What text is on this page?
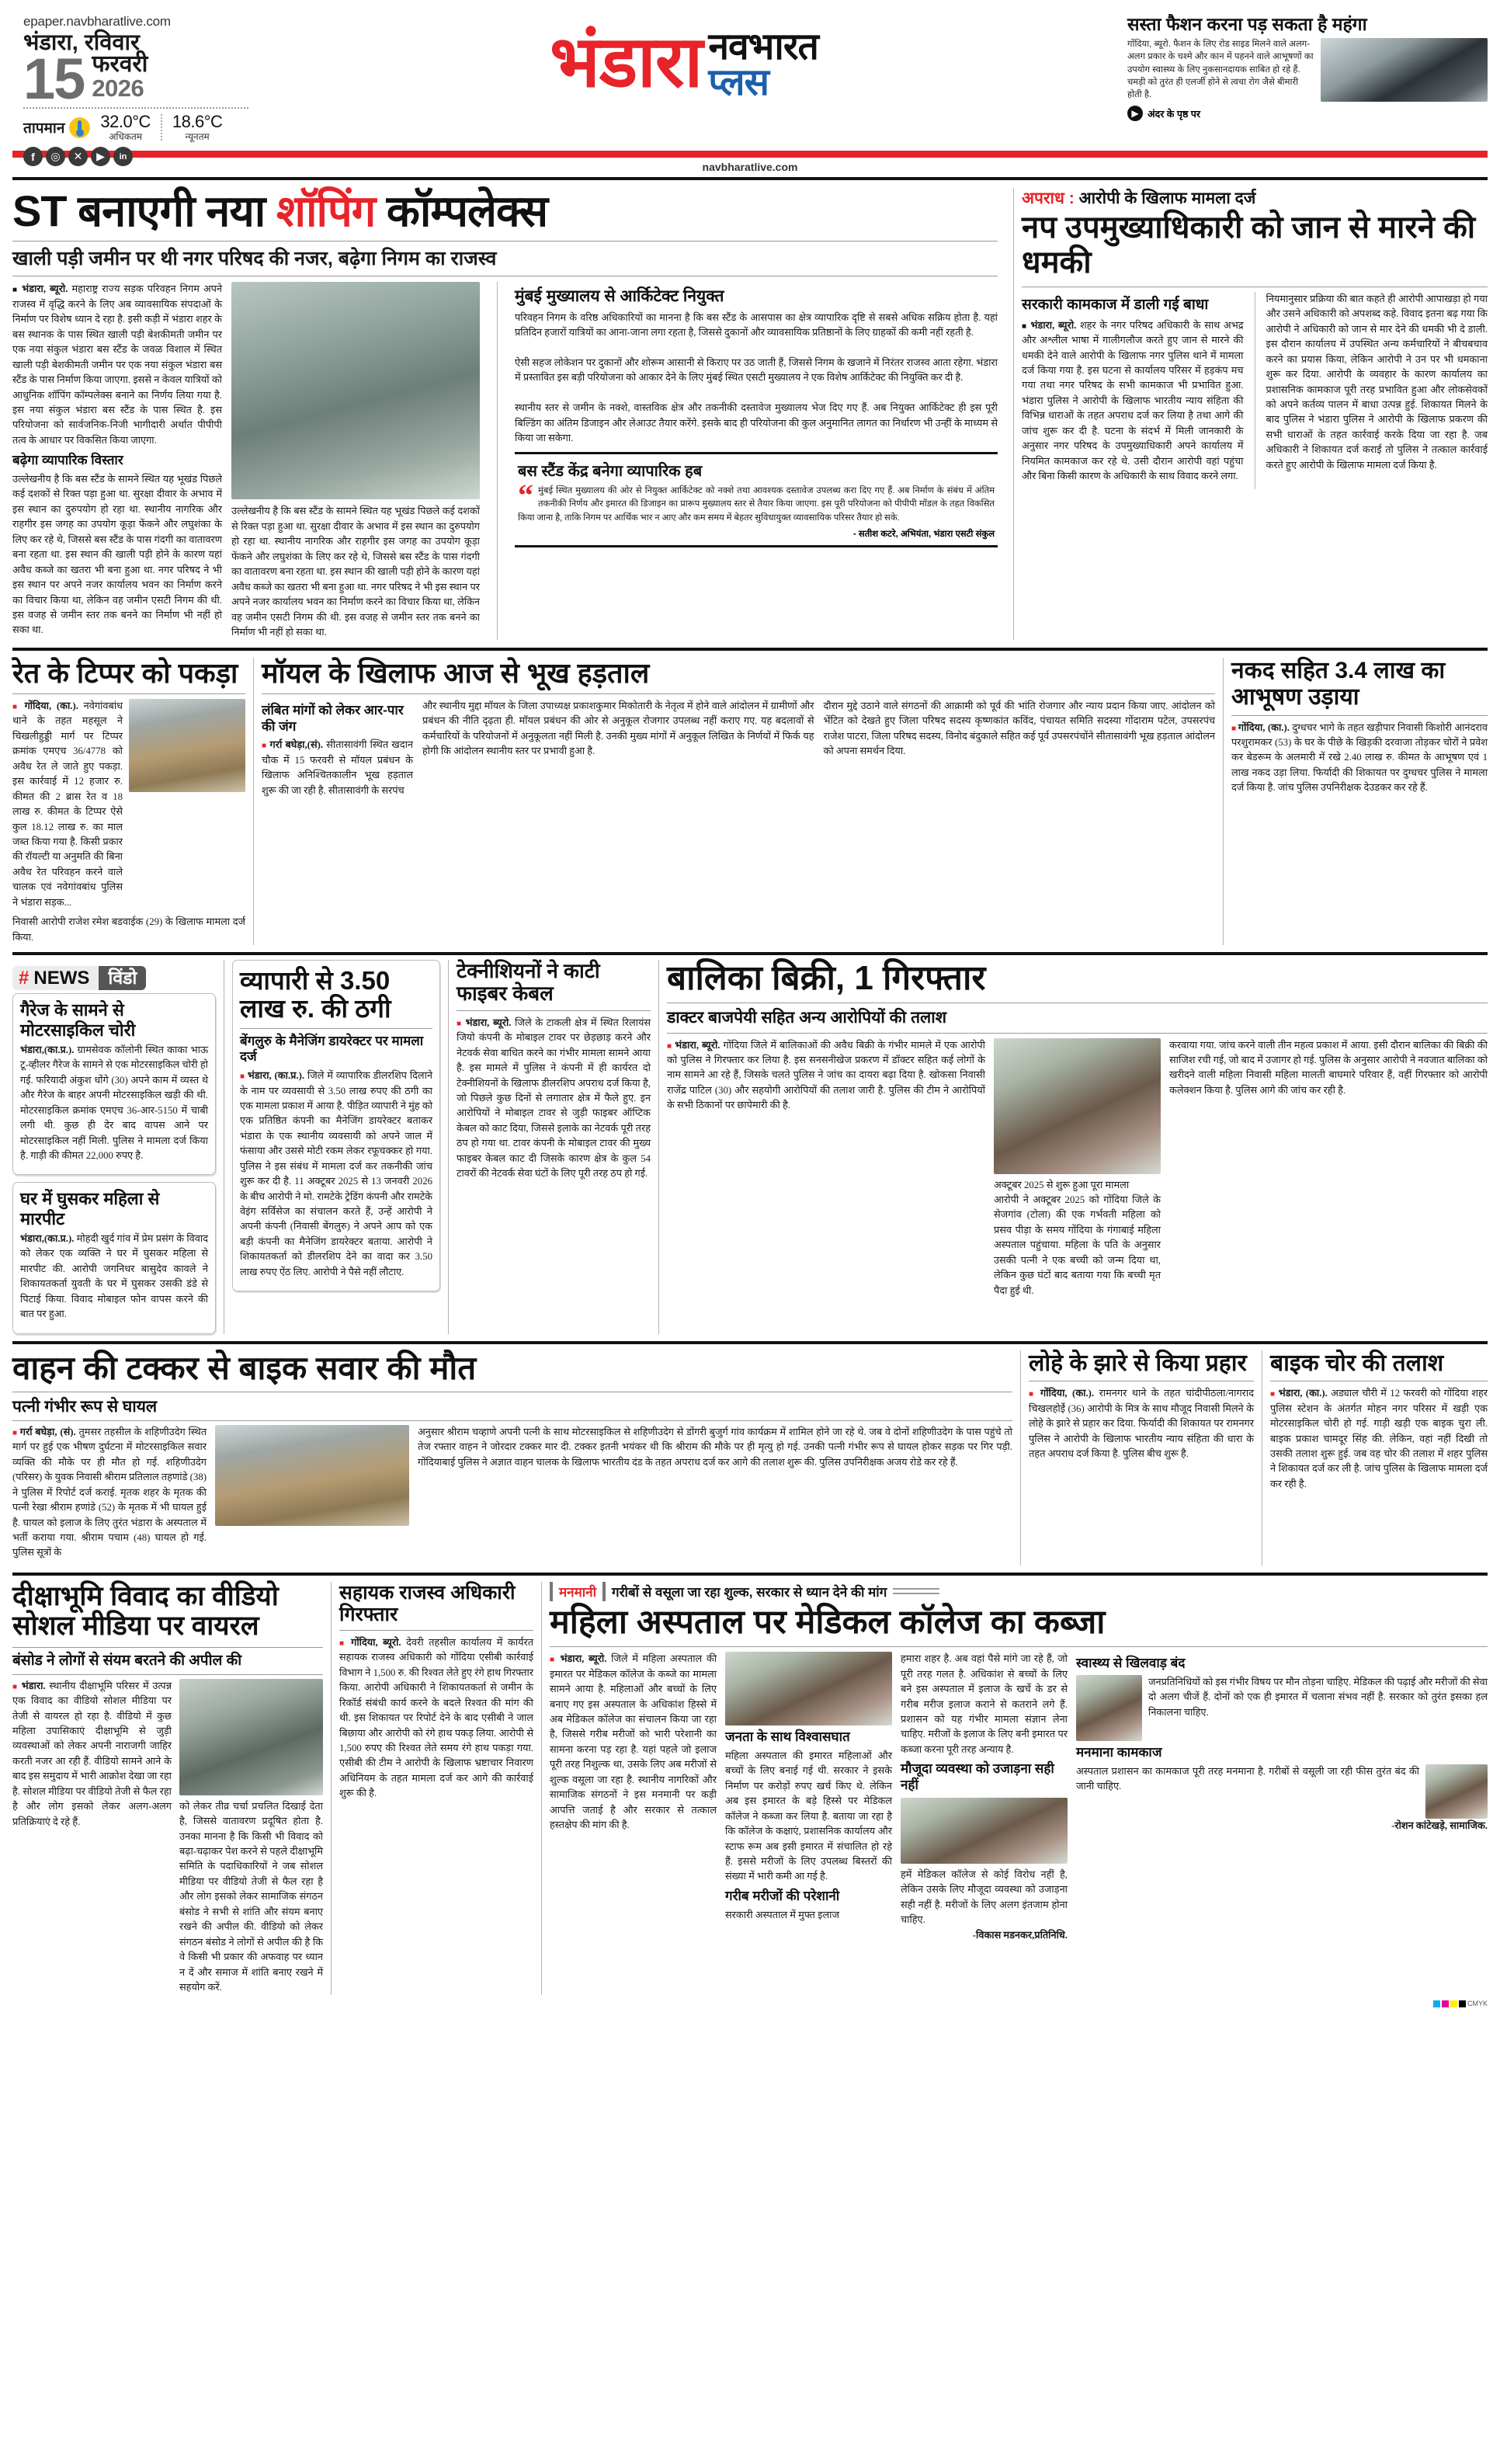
epaper.navbharatlive.com
भंडारा, रविवार
15 फरवरी
2026
तापमान 32.0°C
अधिकतम
18.6°C
न्यूनतम
f	◎	✕	▶	in
भंडारा नवभारत
प्लस
सस्ता फैशन करना पड़ सकता है महंगा
गोंदिया, ब्यूरो. फैशन के लिए रोड साइड मिलने वाले अलग-अलग प्रकार के चश्मे और कान में पहनने वाले आभूषणों का उपयोग स्वास्थ्य के लिए नुकसानदायक साबित हो रहे हैं. चमड़ी को तुरंत ही एलर्जी होने से त्वचा रोग जैसे बीमारी होती है.
▶ अंदर के पृष्ठ पर
navbharatlive.com
ST बनाएगी नया शॉपिंग कॉम्पलेक्स
खाली पड़ी जमीन पर थी नगर परिषद की नजर, बढ़ेगा निगम का राजस्व

■ भंडारा, ब्यूरो. महाराष्ट्र राज्य सड़क परिवहन निगम अपने राजस्व में वृद्धि करने के लिए अब व्यावसायिक संपदाओं के निर्माण पर विशेष ध्यान दे रहा है. इसी कड़ी में भंडारा शहर के बस स्थानक के पास स्थित खाली पड़ी बेशकीमती जमीन पर एक नया संकुल भंडारा बस स्टैंड के जवळ विशाल में स्थित खाली पड़ी बेशकीमती जमीन पर एक नया संकुल भंडारा बस स्टैंड के पास निर्माण किया जाएगा. इससे न केवल यात्रियों को आधुनिक शॉपिंग कॉम्पलेक्स बनाने का निर्णय लिया गया है. इस नया संकुल भंडारा बस स्टैंड के पास स्थित है. इस परियोजना को सार्वजनिक-निजी भागीदारी अर्थात पीपीपी तत्व के आधार पर विकसित किया जाएगा.

बढ़ेगा व्यापारिक विस्तार
उल्लेखनीय है कि बस स्टैंड के सामने स्थित यह भूखंड पिछले कई दशकों से रिक्त पड़ा हुआ था. सुरक्षा दीवार के अभाव में इस स्थान का दुरुपयोग हो रहा था. स्थानीय नागरिक और राहगीर इस जगह का उपयोग कूड़ा फेंकने और लघुशंका के लिए कर रहे थे, जिससे बस स्टैंड के पास गंदगी का वातावरण बना रहता था. इस स्थान की खाली पड़ी होने के कारण यहां अवैध कब्जे का खतरा भी बना हुआ था. नगर परिषद ने भी इस स्थान पर अपने नजर कार्यालय भवन का निर्माण करने का विचार किया था, लेकिन वह जमीन एसटी निगम की थी. इस वजह से जमीन स्तर तक बनने का निर्माण भी नहीं हो सका था.
उल्लेखनीय है कि बस स्टैंड के सामने स्थित यह भूखंड पिछले कई दशकों से रिक्त पड़ा हुआ था. सुरक्षा दीवार के अभाव में इस स्थान का दुरुपयोग हो रहा था. स्थानीय नागरिक और राहगीर इस जगह का उपयोग कूड़ा फेंकने और लघुशंका के लिए कर रहे थे, जिससे बस स्टैंड के पास गंदगी का वातावरण बना रहता था. इस स्थान की खाली पड़ी होने के कारण यहां अवैध कब्जे का खतरा भी बना हुआ था. नगर परिषद ने भी इस स्थान पर अपने नजर कार्यालय भवन का निर्माण करने का विचार किया था, लेकिन वह जमीन एसटी निगम की थी. इस वजह से जमीन स्तर तक बनने का निर्माण भी नहीं हो सका था.
मुंबई मुख्यालय से आर्किटेक्ट नियुक्त
परिवहन निगम के वरिष्ठ अधिकारियों का मानना है कि बस स्टैंड के आसपास का क्षेत्र व्यापारिक दृष्टि से सबसे अधिक सक्रिय होता है. यहां प्रतिदिन हजारों यात्रियों का आना-जाना लगा रहता है, जिससे दुकानों और व्यावसायिक प्रतिष्ठानों के लिए ग्राहकों की कमी नहीं रहती है.

ऐसी सहज लोकेशन पर दुकानों और शोरूम आसानी से किराए पर उठ जाती हैं, जिससे निगम के खजाने में निरंतर राजस्व आता रहेगा. भंडारा में प्रस्तावित इस बड़ी परियोजना को आकार देने के लिए मुंबई स्थित एसटी मुख्यालय ने एक विशेष आर्किटेक्ट की नियुक्ति कर दी है.

स्थानीय स्तर से जमीन के नक्शे, वास्तविक क्षेत्र और तकनीकी दस्तावेज मुख्यालय भेज दिए गए हैं. अब नियुक्त आर्किटेक्ट ही इस पूरी बिल्डिंग का अंतिम डिजाइन और लेआउट तैयार करेंगे. इसके बाद ही परियोजना की कुल अनुमानित लागत का निर्धारण भी उन्हीं के माध्यम से किया जा सकेगा.
बस स्टैंड केंद्र बनेगा व्यापारिक हब
“ मुंबई स्थित मुख्यालय की ओर से नियुक्त आर्किटेक्ट को नक्शे तथा आवश्यक दस्तावेज उपलब्ध करा दिए गए हैं. अब निर्माण के संबंध में अंतिम तकनीकी निर्णय और इमारत की डिजाइन का प्रारूप मुख्यालय स्तर से तैयार किया जाएगा. इस पूरी परियोजना को पीपीपी मॉडल के तहत विकसित किया जाना है, ताकि निगम पर आर्थिक भार न आए और कम समय में बेहतर सुविधायुक्त व्यावसायिक परिसर तैयार हो सके.
- सतीश कटरे, अभियंता, भंडारा एसटी संकुल
अपराध : आरोपी के खिलाफ मामला दर्ज
नप उपमुख्याधिकारी को जान से मारने की धमकी
सरकारी कामकाज में डाली गई बाधा

■ भंडारा, ब्यूरो. शहर के नगर परिषद अधिकारी के साथ अभद्र और अश्लील भाषा में गालीगलौज करते हुए जान से मारने की धमकी देने वाले आरोपी के खिलाफ नगर पुलिस थाने में मामला दर्ज किया गया है. इस घटना से कार्यालय परिसर में हड़कंप मच गया तथा नगर परिषद के सभी कामकाज भी प्रभावित हुआ. भंडारा पुलिस ने आरोपी के खिलाफ भारतीय न्याय संहिता की विभिन्न धाराओं के तहत अपराध दर्ज कर लिया है तथा आगे की जांच शुरू कर दी है. घटना के संदर्भ में मिली जानकारी के अनुसार नगर परिषद के उपमुख्याधिकारी अपने कार्यालय में नियमित कामकाज कर रहे थे. उसी दौरान आरोपी वहां पहुंचा और बिना किसी कारण के अधिकारी के साथ विवाद करने लगा.

नियमानुसार प्रक्रिया की बात कहते ही आरोपी आपाखड़ा हो गया और उसने अधिकारी को अपशब्द कहे. विवाद इतना बढ़ गया कि आरोपी ने अधिकारी को जान से मार देने की धमकी भी दे डाली. इस दौरान कार्यालय में उपस्थित अन्य कर्मचारियों ने बीचबचाव करने का प्रयास किया, लेकिन आरोपी ने उन पर भी धमकाना शुरू कर दिया. आरोपी के व्यवहार के कारण कार्यालय का प्रशासनिक कामकाज पूरी तरह प्रभावित हुआ और लोकसेवकों को अपने कर्तव्य पालन में बाधा उत्पन्न हुई. शिकायत मिलने के बाद पुलिस ने भंडारा पुलिस ने आरोपी के खिलाफ प्रकरण की सभी धाराओं के तहत कार्रवाई करके दिया जा रहा है. जब अधिकारी ने शिकायत दर्ज कराई तो पुलिस ने तत्काल कार्रवाई करते हुए आरोपी के खिलाफ मामला दर्ज किया है.
रेत के टिप्पर को पकड़ा

■ गोंदिया, (का.). नवेगांवबांध थाने के तहत महसूल ने चिखलीहुड्डी मार्ग पर टिप्पर क्रमांक एमएच 36/4778 को अवैध रेत ले जाते हुए पकड़ा. इस कार्रवाई में 12 हजार रु. कीमत की 2 ब्रास रेत व 18 लाख रु. कीमत के टिप्पर ऐसे कुल 18.12 लाख रु. का माल जब्त किया गया है. किसी प्रकार की रॉयल्टी या अनुमति की बिना अवैध रेत परिवहन करने वाले चालक एवं नवेगांवबांध पुलिस ने भंडारा सड़क...

निवासी आरोपी राजेश रमेश बडवाईक (29) के खिलाफ मामला दर्ज किया.
मॉयल के खिलाफ आज से भूख हड़ताल
लंबित मांगों को लेकर आर-पार की जंग

■ गर्रा बघेड़ा,(सं). सीतासावंगी स्थित खदान चौक में 15 फरवरी से मॉयल प्रबंधन के खिलाफ अनिश्चितकालीन भूख हड़ताल शुरू की जा रही है. सीतासावंगी के सरपंच

और स्थानीय मुद्दा मॉयल के जिला उपाध्यक्ष प्रकाशकुमार मिकोतारी के नेतृत्व में होने वाले आंदोलन में ग्रामीणों और प्रबंधन की नीति दृढ़ता ही. मॉयल प्रबंधन की ओर से अनुकूल रोजगार उपलब्ध नहीं कराए गए. यह बदलावों से कर्मचारियों के परियोजनों में अनुकूलता नहीं मिली है. उनकी मुख्य मांगों में अनुकूल लिखित के निर्णयों में फिर्क यह होगी कि आंदोलन स्थानीय स्तर पर प्रभावी हुआ है.
दौरान मुद्दे उठाने वाले संगठनों की आक्रामी को पूर्व की भांति रोजगार और न्याय प्रदान किया जाए. आंदोलन को भेंटित को देखते हुए जिला परिषद सदस्य कृष्णकांत कविंद, पंचायत समिति सदस्या गोंदाराम पटेल, उपसरपंच राजेश पाटरा, जिला परिषद सदस्य, विनोद बंदुकाले सहित कई पूर्व उपसरपंचोंने सीतासावंगी भूख हड़ताल आंदोलन को अपना समर्थन दिया.
नकद सहित 3.4 लाख का आभूषण उड़ाया

■ गोंदिया, (का.). दुग्धचर भागे के तहत खड़ीपार निवासी किशोरी आनंदराव परशुरामकर (53) के घर के पीछे के खिड़की दरवाजा तोड़कर चोरों ने प्रवेश कर बेडरूम के अलमारी में रखे 2.40 लाख रु. कीमत के आभूषण एवं 1 लाख नकद उड़ा लिया. फिर्यादी की शिकायत पर दुग्धचर पुलिस ने मामला दर्ज किया है. जांच पुलिस उपनिरीक्षक देउडकर कर रहे हैं.

# NEWS	विंडो
गैरेज के सामने से मोटरसाइकिल चोरी

भंडारा,(का.प्र.). ग्रामसेवक कॉलोनी स्थित काका भाऊ टू-व्हीलर गैरेज के सामने से एक मोटरसाइकिल चोरी हो गई. फरियादी अंकुश धोंगे (30) अपने काम में व्यस्त थे और गैरेज के बाहर अपनी मोटरसाइकिल खड़ी की थी. मोटरसाइकिल क्रमांक एमएच 36-आर-5150 में चाबी लगी थी. कुछ ही देर बाद वापस आने पर मोटरसाइकिल नहीं मिली. पुलिस ने मामला दर्ज किया है. गाड़ी की कीमत 22,000 रुपए है.

घर में घुसकर महिला से मारपीट

भंडारा,(का.प्र.). मोहदी खुर्द गांव में प्रेम प्रसंग के विवाद को लेकर एक व्यक्ति ने घर में घुसकर महिला से मारपीट की. आरोपी जगनिधर बासुदेव कावले ने शिकायतकर्ता युवती के घर में घुसकर उसकी डंडे से पिटाई किया. विवाद मोबाइल फोन वापस करने की बात पर हुआ.

व्यापारी से 3.50 लाख रु. की ठगी
बेंगलुरु के मैनेजिंग डायरेक्टर पर मामला दर्ज

■ भंडारा, (का.प्र.). जिले में व्यापारिक डीलरशिप दिलाने के नाम पर व्यवसायी से 3.50 लाख रुपए की ठगी का एक मामला प्रकाश में आया है. पीड़ित व्यापारी ने मुंह को एक प्रतिष्ठित कंपनी का मैनेजिंग डायरेक्टर बताकर भंडारा के एक स्थानीय व्यवसायी को अपने जाल में फंसाया और उससे मोटी रकम लेकर रफूचक्कर हो गया. पुलिस ने इस संबंध में मामला दर्ज कर तकनीकी जांच शुरू कर दी है. 11 अक्टूबर 2025 से 13 जनवरी 2026 के बीच आरोपी ने मो. रामटेके ट्रेडिंग कंपनी और रामटेके वेइंग सर्विसेज का संचालन करते हैं, उन्हें आरोपी ने अपनी कंपनी (निवासी बेंगलुरु) ने अपने आप को एक बड़ी कंपनी का मैनेजिंग डायरेक्टर बताया. आरोपी ने शिकायतकर्ता को डीलरशिप देने का वादा कर 3.50 लाख रुपए ऐंठ लिए. आरोपी ने पैसे नहीं लौटाए.

टेक्नीशियनों ने काटी फाइबर केबल

■ भंडारा, ब्यूरो. जिले के टाकली क्षेत्र में स्थित रिलायंस जियो कंपनी के मोबाइल टावर पर छेड़छाड़ करने और नेटवर्क सेवा बाधित करने का गंभीर मामला सामने आया है. इस मामले में पुलिस ने कंपनी में ही कार्यरत दो टेक्नीशियनों के खिलाफ डीलरशिप अपराध दर्ज किया है, जो पिछले कुछ दिनों से लगातार क्षेत्र में फैले हुए. इन आरोपियों ने मोबाइल टावर से जुड़ी फाइबर ऑप्टिक केबल को काट दिया, जिससे इलाके का नेटवर्क पूरी तरह ठप हो गया था. टावर कंपनी के मोबाइल टावर की मुख्य फाइबर केबल काट दी जिसके कारण क्षेत्र के कुल 54 टावरों की नेटवर्क सेवा घंटों के लिए पूरी तरह ठप हो गई.

बालिका बिक्री, 1 गिरफ्तार
डाक्टर बाजपेयी सहित अन्य आरोपियों की तलाश

■ भंडारा, ब्यूरो. गोंदिया जिले में बालिकाओं की अवैध बिक्री के गंभीर मामले में एक आरोपी को पुलिस ने गिरफ्तार कर लिया है. इस सनसनीखेज प्रकरण में डॉक्टर सहित कई लोगों के नाम सामने आ रहे हैं, जिसके चलते पुलिस ने जांच का दायरा बढ़ा दिया है. खोकसा निवासी राजेंद्र पाटिल (30) और सहयोगी आरोपियों की तलाश जारी है. पुलिस की टीम ने आरोपियों के सभी ठिकानों पर छापेमारी की है.

अक्टूबर 2025 से शुरू हुआ पूरा मामला
आरोपी ने अक्टूबर 2025 को गोंदिया जिले के सेजगांव (टोला) की एक गर्भवती महिला को प्रसव पीड़ा के समय गोंदिया के गंगाबाई महिला अस्पताल पहुंचाया. महिला के पति के अनुसार उसकी पत्नी ने एक बच्ची को जन्म दिया था, लेकिन कुछ घंटों बाद बताया गया कि बच्ची मृत पैदा हुई थी.
करवाया गया. जांच करने वाली तीन महत्व प्रकाश में आया. इसी दौरान बालिका की बिक्री की साजिश रची गई, जो बाद में उजागर हो गई. पुलिस के अनुसार आरोपी ने नवजात बालिका को खरीदने वाली महिला निवासी महिला मालती बाघमारे परिवार हैं, वहीं गिरफ्तार को आरोपी कलेक्शन किया है. पुलिस आगे की जांच कर रही है.
वाहन की टक्कर से बाइक सवार की मौत
पत्नी गंभीर रूप से घायल

■ गर्रा बघेड़ा, (सं). तुमसर तहसील के शहिणीउदेग स्थित मार्ग पर हुई एक भीषण दुर्घटना में मोटरसाइकिल सवार व्यक्ति की मौके पर ही मौत हो गई. शहिणीउदेग (परिसर) के युवक निवासी श्रीराम प्रतिलाल तहणांडे (38) ने पुलिस में रिपोर्ट दर्ज कराई. मृतक शहर के मृतक की पत्नी रेखा श्रीराम हणांडे (52) के मृतक में भी घायल हुई है. घायल को इलाज के लिए तुरंत भंडारा के अस्पताल में भर्ती कराया गया. श्रीराम पचाम (48) घायल हो गई. पुलिस सूत्रों के

अनुसार श्रीराम चव्हाणे अपनी पत्नी के साथ मोटरसाइकिल से शहिणीउदेग से डोंगरी बुजुर्ग गांव कार्यक्रम में शामिल होने जा रहे थे. जब वे दोनों शहिणीउदेग के पास पहुंचे तो तेज रफ्तार वाहन ने जोरदार टक्कर मार दी. टक्कर इतनी भयंकर थी कि श्रीराम की मौके पर ही मृत्यु हो गई. उनकी पत्नी गंभीर रूप से घायल होकर सड़क पर गिर पड़ी. गोंदियाबाई पुलिस ने अज्ञात वाहन चालक के खिलाफ भारतीय दंड के तहत अपराध दर्ज कर आगे की तलाश शुरू की. पुलिस उपनिरीक्षक अजय रोडे कर रहे हैं.
लोहे के झारे से किया प्रहार

■ गोंदिया, (का.). रामनगर थाने के तहत चांदीपीठला/नागराद चिखलहोईे (36) आरोपी के मित्र के साथ मौजूद निवासी मिलने के लोहे के झारे से प्रहार कर दिया. फिर्यादी की शिकायत पर रामनगर पुलिस ने आरोपी के खिलाफ भारतीय न्याय संहिता की धारा के तहत अपराध दर्ज किया है. पुलिस बीच शुरू है.

बाइक चोर की तलाश

■ भंडारा, (का.). अड्याल चौरी में 12 फरवरी को गोंदिया शहर पुलिस स्टेशन के अंतर्गत मोहन नगर परिसर में खड़ी एक मोटरसाइकिल चोरी हो गई. गाड़ी खड़ी एक बाइक चुरा ली. बाइक प्रकाश चामदूर सिंह की. लेकिन, वहां नहीं दिखी तो उसकी तलाश शुरू हुई. जब वह चोर की तलाश में शहर पुलिस ने शिकायत दर्ज कर ली है. जांच पुलिस के खिलाफ मामला दर्ज कर रही है.

दीक्षाभूमि विवाद का वीडियो सोशल मीडिया पर वायरल
बंसोड ने लोगों से संयम बरतने की अपील की

■ भंडारा. स्थानीय दीक्षाभूमि परिसर में उत्पन्न एक विवाद का वीडियो सोशल मीडिया पर तेजी से वायरल हो रहा है. वीडियो में कुछ महिला उपासिकाएं दीक्षाभूमि से जुड़ी व्यवस्थाओं को लेकर अपनी नाराजगी जाहिर करती नजर आ रही हैं. वीडियो सामने आने के बाद इस समुदाय में भारी आक्रोश देखा जा रहा है. सोशल मीडिया पर वीडियो तेजी से फैल रहा है और लोग इसको लेकर अलग-अलग प्रतिक्रियाएं दे रहे हैं.

को लेकर तीव्र चर्चा प्रचलित दिखाई देता है, जिससे वातावरण प्रदूषित होता है. उनका मानना है कि किसी भी विवाद को बढ़ा-चढ़ाकर पेश करने से पहले दीक्षाभूमि समिति के पदाधिकारियों ने जब सोशल मीडिया पर वीडियो तेजी से फैल रहा है और लोग इसको लेकर सामाजिक संगठन बंसोड ने सभी से शांति और संयम बनाए रखने की अपील की. वीडियो को लेकर संगठन बंसोड ने लोगों से अपील की है कि वे किसी भी प्रकार की अफवाह पर ध्यान न दें और समाज में शांति बनाए रखने में सहयोग करें.
सहायक राजस्व अधिकारी गिरफ्तार

■ गोंदिया, ब्यूरो. देवरी तहसील कार्यालय में कार्यरत सहायक राजस्व अधिकारी को गोंदिया एसीबी कार्रवाई विभाग ने 1,500 रु. की रिश्वत लेते हुए रंगे हाथ गिरफ्तार किया. आरोपी अधिकारी ने शिकायतकर्ता से जमीन के रिकॉर्ड संबंधी कार्य करने के बदले रिश्वत की मांग की थी. इस शिकायत पर रिपोर्ट देने के बाद एसीबी ने जाल बिछाया और आरोपी को रंगे हाथ पकड़ लिया. आरोपी से 1,500 रुपए की रिश्वत लेते समय रंगे हाथ पकड़ा गया. एसीबी की टीम ने आरोपी के खिलाफ भ्रष्टाचार निवारण अधिनियम के तहत मामला दर्ज कर आगे की कार्रवाई शुरू की है.

मनमानी	गरीबों से वसूला जा रहा शुल्क, सरकार से ध्यान देने की मांग
महिला अस्पताल पर मेडिकल कॉलेज का कब्जा

■ भंडारा, ब्यूरो. जिले में महिला अस्पताल की इमारत पर मेडिकल कॉलेज के कब्जे का मामला सामने आया है. महिलाओं और बच्चों के लिए बनाए गए इस अस्पताल के अधिकांश हिस्से में अब मेडिकल कॉलेज का संचालन किया जा रहा है, जिससे गरीब मरीजों को भारी परेशानी का सामना करना पड़ रहा है. यहां पहले जो इलाज पूरी तरह निशुल्क था, उसके लिए अब मरीजों से शुल्क वसूला जा रहा है. स्थानीय नागरिकों और सामाजिक संगठनों ने इस मनमानी पर कड़ी आपत्ति जताई है और सरकार से तत्काल हस्तक्षेप की मांग की है.

जनता के साथ विश्वासघात
महिला अस्पताल की इमारत महिलाओं और बच्चों के लिए बनाई गई थी. सरकार ने इसके निर्माण पर करोड़ों रुपए खर्च किए थे. लेकिन अब इस इमारत के बड़े हिस्से पर मेडिकल कॉलेज ने कब्जा कर लिया है. बताया जा रहा है कि कॉलेज के कक्षाएं, प्रशासनिक कार्यालय और स्टाफ रूम अब इसी इमारत में संचालित हो रहे हैं. इससे मरीजों के लिए उपलब्ध बिस्तरों की संख्या में भारी कमी आ गई है.
गरीब मरीजों की परेशानी
सरकारी अस्पताल में मुफ्त इलाज
हमारा शहर है. अब वहां पैसे मांगे जा रहे हैं, जो पूरी तरह गलत है. अधिकांश से बच्चों के लिए बने इस अस्पताल में इलाज के खर्चे के डर से गरीब मरीज इलाज कराने से कतराने लगे हैं. प्रशासन को यह गंभीर मामला संज्ञान लेना चाहिए. मरीजों के इलाज के लिए बनी इमारत पर कब्जा करना पूरी तरह अन्याय है.
मौजूदा व्यवस्था को उजाड़ना सही नहीं
हमें मेडिकल कॉलेज से कोई विरोध नहीं है, लेकिन उसके लिए मौजूदा व्यवस्था को उजाड़ना सही नहीं है. मरीजों के लिए अलग इंतजाम होना चाहिए.
-विकास मडनकर,प्रतिनिधि.
स्वास्थ्य से खिलवाड़ बंद
जनप्रतिनिधियों को इस गंभीर विषय पर मौन तोड़ना चाहिए. मेडिकल की पढ़ाई और मरीजों की सेवा दो अलग चीजें हैं. दोनों को एक ही इमारत में चलाना संभव नहीं है. सरकार को तुरंत इसका हल निकालना चाहिए.
मनमाना कामकाज
अस्पताल प्रशासन का कामकाज पूरी तरह मनमाना है. गरीबों से वसूली जा रही फीस तुरंत बंद की जानी चाहिए.
-रोशन कांटेखड़े, सामाजिक.
CMYK
